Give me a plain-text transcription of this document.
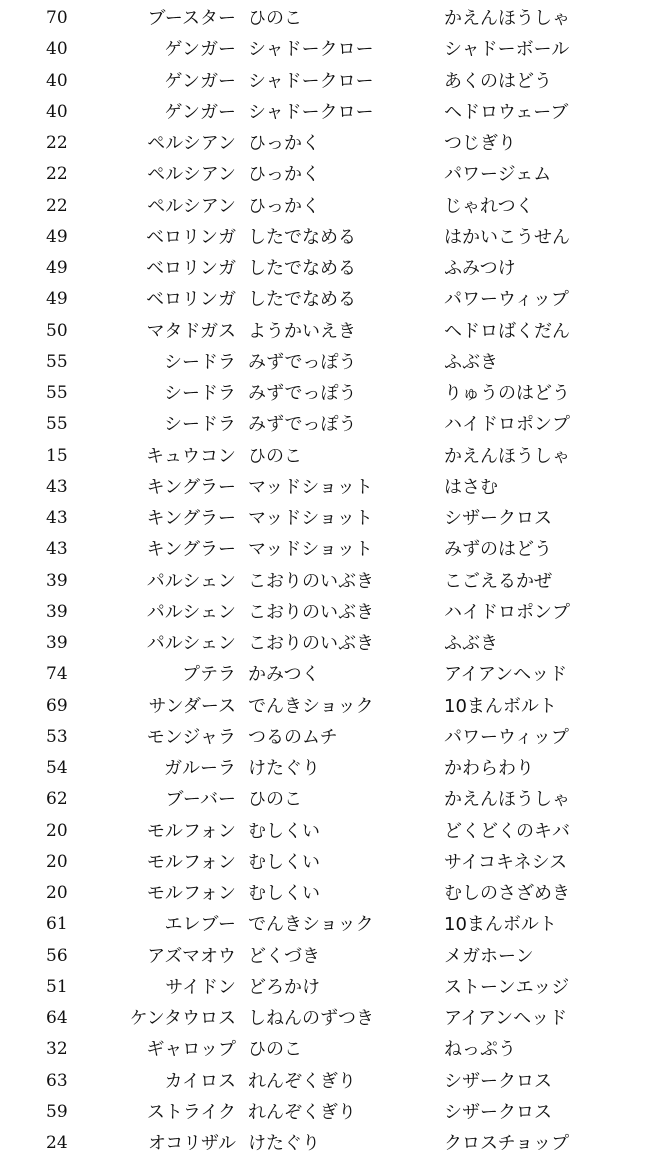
70	ブースター ひのこ	かえんほうしゃ
40	ゲンガー シャドークロー	シャドーボール
40	ゲンガー シャドークロー	あくのはどう
40	ゲンガー シャドークロー	ヘドロウェーブ
22	ペルシアン ひっかく	つじぎり
22	ペルシアン ひっかく	パワージェム
22	ペルシアン ひっかく	じゃれつく
49	ベロリンガ したでなめる	はかいこうせん
49	ベロリンガ したでなめる	ふみつけ
49	ベロリンガ したでなめる	パワーウィップ
50	マタドガス ようかいえき	ヘドロばくだん
55	シードラ みずでっぽう	ふぶき
55	シードラ みずでっぽう	りゅうのはどう
55	シードラ みずでっぽう	ハイドロポンプ
15	キュウコン ひのこ	かえんほうしゃ
43	キングラー マッドショット	はさむ
43	キングラー マッドショット	シザークロス
43	キングラー マッドショット	みずのはどう
39	パルシェン こおりのいぶき	こごえるかぜ
39	パルシェン こおりのいぶき	ハイドロポンプ
39	パルシェン こおりのいぶき	ふぶき
74	プテラ かみつく	アイアンヘッド
69	サンダース でんきショック	10まんボルト
53	モンジャラ つるのムチ	パワーウィップ
54	ガルーラ けたぐり	かわらわり
62	ブーバー ひのこ	かえんほうしゃ
20	モルフォン むしくい	どくどくのキバ
20	モルフォン むしくい	サイコキネシス
20	モルフォン むしくい	むしのさざめき
61	エレブー でんきショック	10まんボルト
56	アズマオウ どくづき	メガホーン
51	サイドン どろかけ	ストーンエッジ
64	ケンタウロス しねんのずつき	アイアンヘッド
32	ギャロップ ひのこ	ねっぷう
63	カイロス れんぞくぎり	シザークロス
59	ストライク れんぞくぎり	シザークロス
24	オコリザル けたぐり	クロスチョップ
